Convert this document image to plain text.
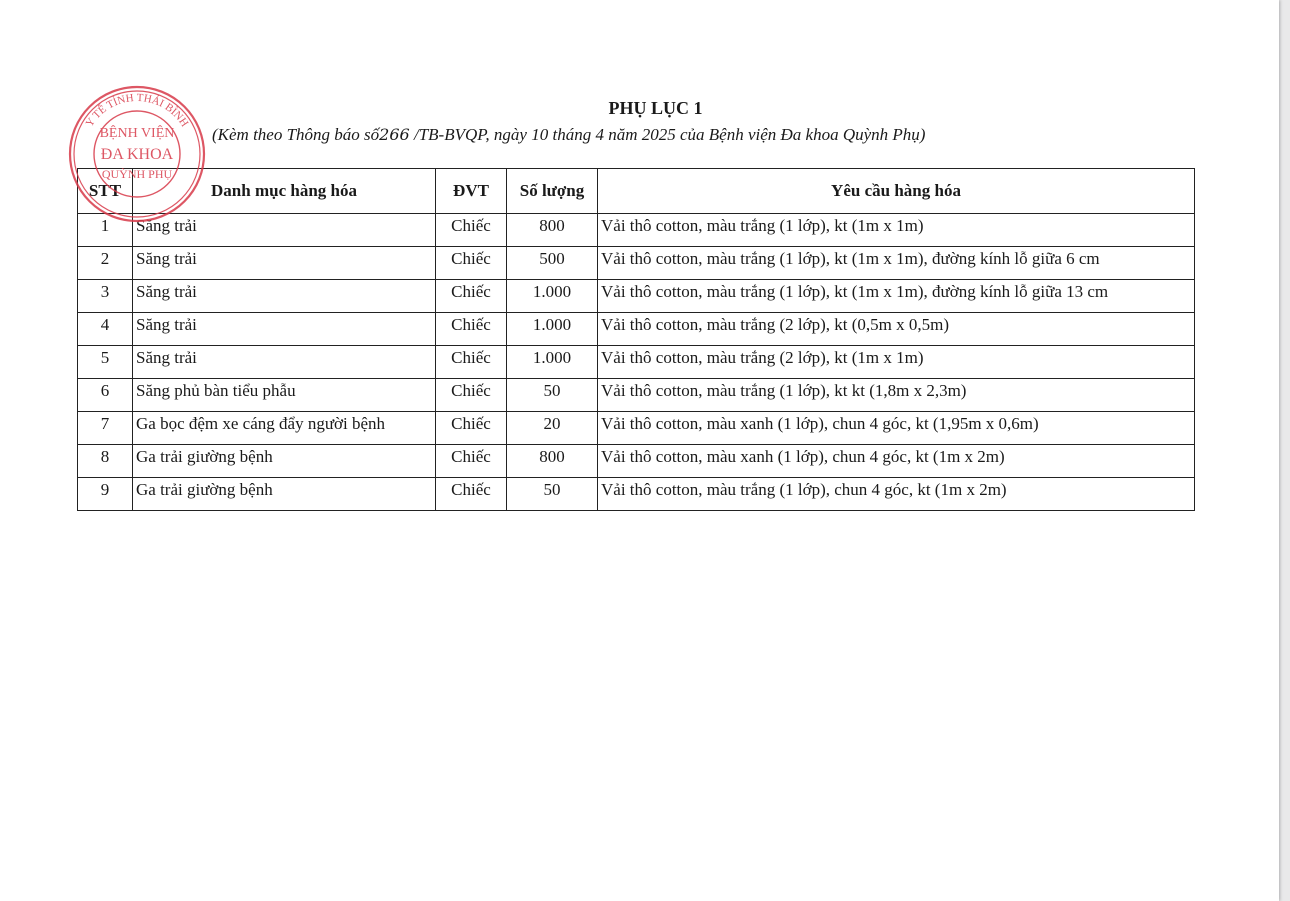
PHỤ LỤC 1
(Kèm theo Thông báo số266 /TB-BVQP, ngày 10 tháng 4 năm 2025 của Bệnh viện Đa khoa Quỳnh Phụ)
STT	Danh mục hàng hóa	ĐVT	Số lượng	Yêu cầu hàng hóa
1	Săng trải	Chiếc	800	Vải thô cotton, màu trắng (1 lớp), kt (1m x 1m)
2	Săng trải	Chiếc	500	Vải thô cotton, màu trắng (1 lớp), kt (1m x 1m), đường kính lỗ giữa 6 cm
3	Săng trải	Chiếc	1.000	Vải thô cotton, màu trắng (1 lớp), kt (1m x 1m), đường kính lỗ giữa 13 cm
4	Săng trải	Chiếc	1.000	Vải thô cotton, màu trắng (2 lớp), kt (0,5m x 0,5m)
5	Săng trải	Chiếc	1.000	Vải thô cotton, màu trắng (2 lớp), kt (1m x 1m)
6	Săng phủ bàn tiểu phẫu	Chiếc	50	Vải thô cotton, màu trắng (1 lớp), kt kt (1,8m x 2,3m)
7	Ga bọc đệm xe cáng đẩy người bệnh	Chiếc	20	Vải thô cotton, màu xanh (1 lớp), chun 4 góc, kt (1,95m x 0,6m)
8	Ga trải giường bệnh	Chiếc	800	Vải thô cotton, màu xanh (1 lớp), chun 4 góc, kt (1m x 2m)
9	Ga trải giường bệnh	Chiếc	50	Vải thô cotton, màu trắng (1 lớp), chun 4 góc, kt (1m x 2m)
Y TẾ TỈNH THÁI BÌNH
BỆNH VIỆN
ĐA KHOA
QUỲNH PHỤ
